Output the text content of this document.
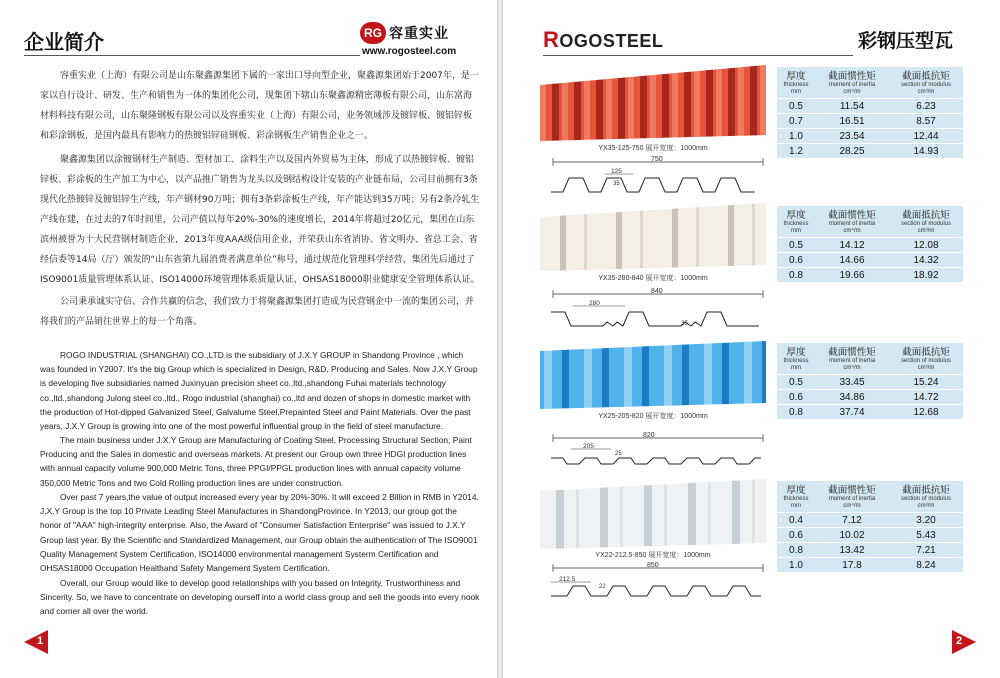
企业简介	RG 容重实业
www.rogosteel.com
容重实业（上海）有限公司是山东聚鑫源集团下属的一家出口导向型企业，聚鑫源集团始于2007年，是一家以自行设计、研发、生产和销售为一体的集团化公司，现集团下辖山东聚鑫源精密薄板有限公司，山东富海材料科技有限公司，山东聚隆钢板有限公司以及容重实业（上海）有限公司，业务领域涉及镀锌板、镀铝锌板和彩涂钢板，是国内最具有影响力的热镀铝锌硅钢板、彩涂钢板生产销售企业之一。
聚鑫源集团以涂镀钢材生产制造、型材加工、涂料生产以及国内外贸易为主体，形成了以热镀锌板、镀铝锌板、彩涂板的生产加工为中心，以产品推广销售为龙头以及钢结构设计安装的产业链布局，公司目前拥有3条现代化热镀锌及镀铝锌生产线，年产钢材90万吨；拥有3条彩涂板生产线，年产能达到35万吨；另有2条冷轧生产线在建，在过去的7年时间里，公司产值以每年20%-30%的速度增长，2014年将超过20亿元，集团在山东滨州被誉为十大民营钢材制造企业，2013年度AAA级信用企业，并荣获山东省消协、省文明办、省总工会、省经信委等14局（厅）颁发的“山东省第九届消费者满意单位”称号，通过规范化管理科学经营，集团先后通过了ISO9001质量管理体系认证、ISO14000环境管理体系质量认证、OHSAS18000职业健康安全管理体系认证。
公司秉承诚实守信、合作共赢的信念，我们致力于将聚鑫源集团打造成为民营钢企中一流的集团公司，并将我们的产品销往世界上的每一个角落。
ROGO INDUSTRIAL (SHANGHAI) CO.,LTD is the subsidiary of J.X.Y GROUP in Shandong Province , which was founded in Y2007. It's the big Group which is specialized in Design, R&D, Producing and Sales. Now J.X.Y Group is developing five subsidiaries named Juxinyuan precision sheet co.,ltd.,shandong Fuhai materials technology co.,ltd.,shandong Julong steel co.,ltd., Rogo industrial (shanghai) co.,ltd and dozen of shops in domestic market with the production of Hot-dipped Galvanized Steel, Galvalume Steel,Prepainted Steel and Paint Materials. Over the past years, J.X.Y Group is growing into one of the most powerful influential group in the field of steel manufacture.
The main business under J.X.Y Group are Manufacturing of Coating Steel, Processing Structural Section, Paint Producing and the Sales in domestic and overseas markets. At present our Group own three HDGI production lines with annual capacity volume 900,000 Metric Tons, three PPGI/PPGL production lines with annual capacity volume 350,000 Metric Tons and two Cold Rolling production lines are under construction.
Over past 7 years,the value of output increased every year by 20%-30%. It will exceed 2 Billion in RMB in Y2014. J.X.Y Group is the top 10 Private Leading Steel Manufactures in ShandongProvince. In Y2013, our group got the honor of "AAA" high-integrity enterprise. Also, the Award of "Consumer Satisfaction Enterprise" was issued to J.X.Y Group last year. By the Scientific and Standardized Management, our Group obtain the authentication of The ISO9001 Quality Management System Certification, ISO14000 environmental management Systerm Certification and OHSAS18000 Occupation Healthand Safety Mangement System Certification.
Overall, our Group would like to develop good relationships with you based on Integrity, Trustworthiness and Sincerity. So, we have to concentrate on developing ourself into a world class group and sell the goods into every nook and corner all over the world.
1
ROGOSTEEL	彩钢压型瓦
YX35-125-750 展开宽度：1000mm
750
125
35
厚度
thickness
mm	截面惯性矩
moment of inertia
cm⁴/m	截面抵抗矩
section of modulus
cm³/m

0.5	11.54	6.23
0.7	16.51	8.57
1.0	23.54	12.44
1.2	28.25	14.93
YX35-280-840 展开宽度：1000mm
840
280
35
厚度
thickness
mm	截面惯性矩
moment of inertia
cm⁴/m	截面抵抗矩
section of modulus
cm³/m

0.5	14.12	12.08
0.6	14.66	14.32
0.8	19.66	18.92
YX25-205-820 展开宽度：1000mm
820
205
25
厚度
thickness
mm	截面惯性矩
moment of inertia
cm⁴/m	截面抵抗矩
section of modulus
cm³/m

0.5	33.45	15.24
0.6	34.86	14.72
0.8	37.74	12.68
YX22-212.5-850 展开宽度：1000mm
850
212.5
22
厚度
thickness
mm	截面惯性矩
moment of inertia
cm⁴/m	截面抵抗矩
section of modulus
cm³/m

0.4	7.12	3.20
0.6	10.02	5.43
0.8	13.42	7.21
1.0	17.8	8.24
2
